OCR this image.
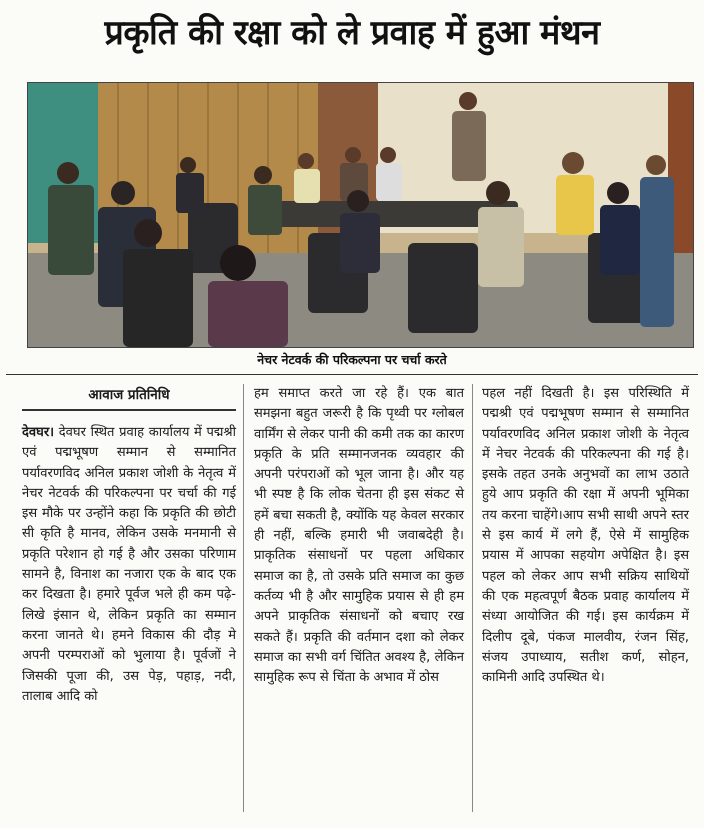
प्रकृति की रक्षा को ले प्रवाह में हुआ मंथन
नेचर नेटवर्क की परिकल्पना पर चर्चा करते
आवाज प्रतिनिधि
देवघर। देवघर स्थित प्रवाह कार्यालय में पद्मश्री एवं पद्मभूषण सम्मान से सम्मानित पर्यावरणविद अनिल प्रकाश जोशी के नेतृत्व में नेचर नेटवर्क की परिकल्पना पर चर्चा की गई इस मौके पर उन्होंने कहा कि प्रकृति की छोटी सी कृति है मानव, लेकिन उसके मनमानी से प्रकृति परेशान हो गई है और उसका परिणाम सामने है, विनाश का नजारा एक के बाद एक कर दिखता है। हमारे पूर्वज भले ही कम पढ़े-लिखे इंसान थे, लेकिन प्रकृति का सम्मान करना जानते थे। हमने विकास की दौड़ मे अपनी परम्पराओं को भुलाया है। पूर्वजों ने जिसकी पूजा की, उस पेड़, पहाड़, नदी, तालाब आदि को
हम समाप्त करते जा रहे हैं। एक बात समझना बहुत जरूरी है कि पृथ्वी पर ग्लोबल वार्मिंग से लेकर पानी की कमी तक का कारण प्रकृति के प्रति सम्मानजनक व्यवहार की अपनी परंपराओं को भूल जाना है। और यह भी स्पष्ट है कि लोक चेतना ही इस संकट से हमें बचा सकती है, क्योंकि यह केवल सरकार ही नहीं, बल्कि हमारी भी जवाबदेही है। प्राकृतिक संसाधनों पर पहला अधिकार समाज का है, तो उसके प्रति समाज का कुछ कर्तव्य भी है और सामुहिक प्रयास से ही हम अपने प्राकृतिक संसाधनों को बचाए रख सकते हैं। प्रकृति की वर्तमान दशा को लेकर समाज का सभी वर्ग चिंतित अवश्य है, लेकिन सामुहिक रूप से चिंता के अभाव में ठोस
पहल नहीं दिखती है। इस परिस्थिति में पद्मश्री एवं पद्मभूषण सम्मान से सम्मानित पर्यावरणविद अनिल प्रकाश जोशी के नेतृत्व में नेचर नेटवर्क की परिकल्पना की गई है। इसके तहत उनके अनुभवों का लाभ उठाते हुये आप प्रकृति की रक्षा में अपनी भूमिका तय करना चाहेंगे।आप सभी साथी अपने स्तर से इस कार्य में लगे हैं, ऐसे में सामुहिक प्रयास में आपका सहयोग अपेक्षित है। इस पहल को लेकर आप सभी सक्रिय साथियों की एक महत्वपूर्ण बैठक प्रवाह कार्यालय में संध्या आयोजित की गई। इस कार्यक्रम में दिलीप दूबे, पंकज मालवीय, रंजन सिंह, संजय उपाध्याय, सतीश कर्ण, सोहन, कामिनी आदि उपस्थित थे।
